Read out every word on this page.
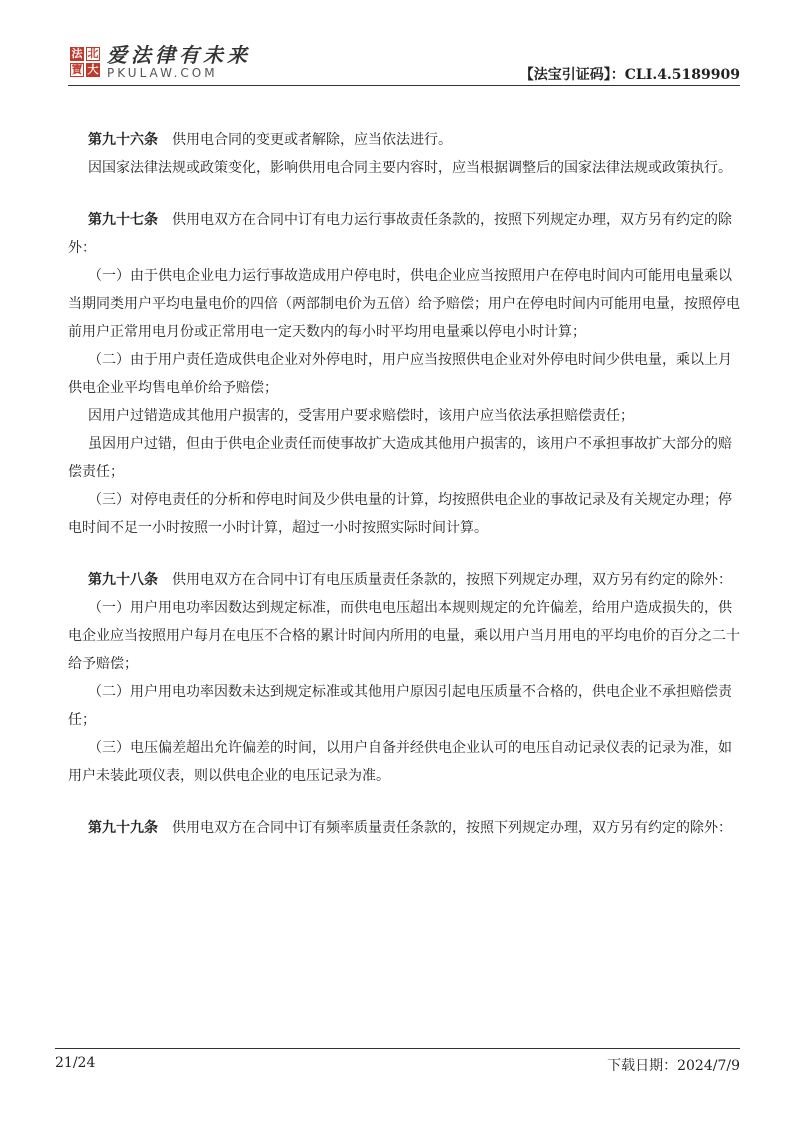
法 北
寶 大
爱法律有未来
PKULAW.COM	【法宝引证码】：CLI.4.5189909

第九十六条 供用电合同的变更或者解除，应当依法进行。

因国家法律法规或政策变化，影响供用电合同主要内容时，应当根据调整后的国家法律法规或政策执行。

第九十七条 供用电双方在合同中订有电力运行事故责任条款的，按照下列规定办理，双方另有约定的除外：

（一）由于供电企业电力运行事故造成用户停电时，供电企业应当按照用户在停电时间内可能用电量乘以当期同类用户平均电量电价的四倍（两部制电价为五倍）给予赔偿；用户在停电时间内可能用电量，按照停电前用户正常用电月份或正常用电一定天数内的每小时平均用电量乘以停电小时计算；

（二）由于用户责任造成供电企业对外停电时，用户应当按照供电企业对外停电时间少供电量，乘以上月供电企业平均售电单价给予赔偿；

因用户过错造成其他用户损害的，受害用户要求赔偿时，该用户应当依法承担赔偿责任；

虽因用户过错，但由于供电企业责任而使事故扩大造成其他用户损害的，该用户不承担事故扩大部分的赔偿责任；

（三）对停电责任的分析和停电时间及少供电量的计算，均按照供电企业的事故记录及有关规定办理；停电时间不足一小时按照一小时计算，超过一小时按照实际时间计算。

第九十八条 供用电双方在合同中订有电压质量责任条款的，按照下列规定办理，双方另有约定的除外：

（一）用户用电功率因数达到规定标准，而供电电压超出本规则规定的允许偏差，给用户造成损失的，供电企业应当按照用户每月在电压不合格的累计时间内所用的电量，乘以用户当月用电的平均电价的百分之二十给予赔偿；

（二）用户用电功率因数未达到规定标准或其他用户原因引起电压质量不合格的，供电企业不承担赔偿责任；

（三）电压偏差超出允许偏差的时间，以用户自备并经供电企业认可的电压自动记录仪表的记录为准，如用户未装此项仪表，则以供电企业的电压记录为准。

第九十九条 供用电双方在合同中订有频率质量责任条款的，按照下列规定办理，双方另有约定的除外：

21/24	下载日期：2024/7/9
